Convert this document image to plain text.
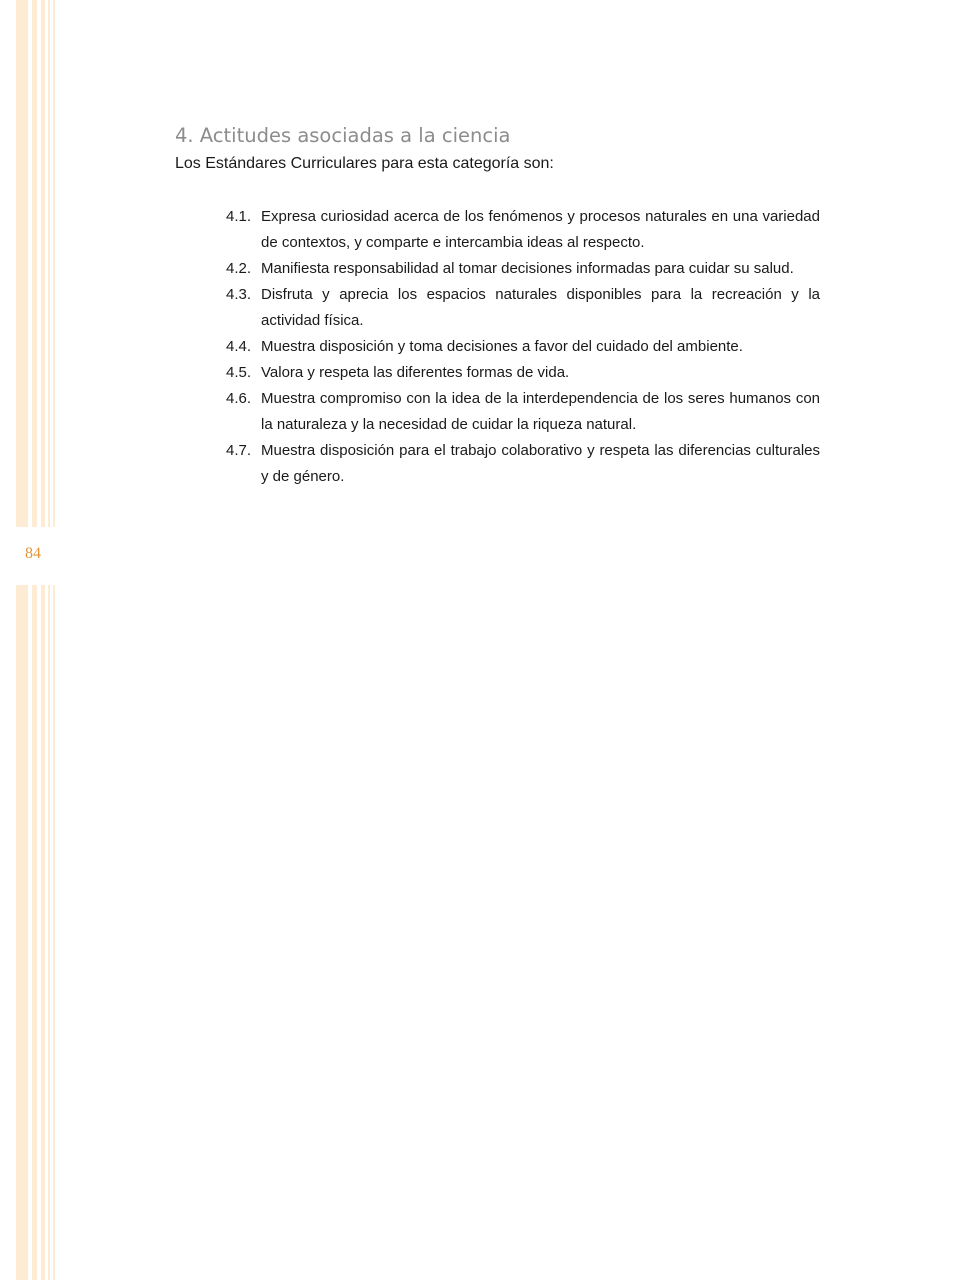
84
4. Actitudes asociadas a la ciencia

Los Estándares Curriculares para esta categoría son:

4.1. Expresa curiosidad acerca de los fenómenos y procesos naturales en una variedad de contextos, y comparte e intercambia ideas al respecto.
4.2. Manifiesta responsabilidad al tomar decisiones informadas para cuidar su salud.
4.3. Disfruta y aprecia los espacios naturales disponibles para la recreación y la actividad física.
4.4. Muestra disposición y toma decisiones a favor del cuidado del ambiente.
4.5. Valora y respeta las diferentes formas de vida.
4.6. Muestra compromiso con la idea de la interdependencia de los seres humanos con la naturaleza y la necesidad de cuidar la riqueza natural.
4.7. Muestra disposición para el trabajo colaborativo y respeta las diferencias culturales y de género.
